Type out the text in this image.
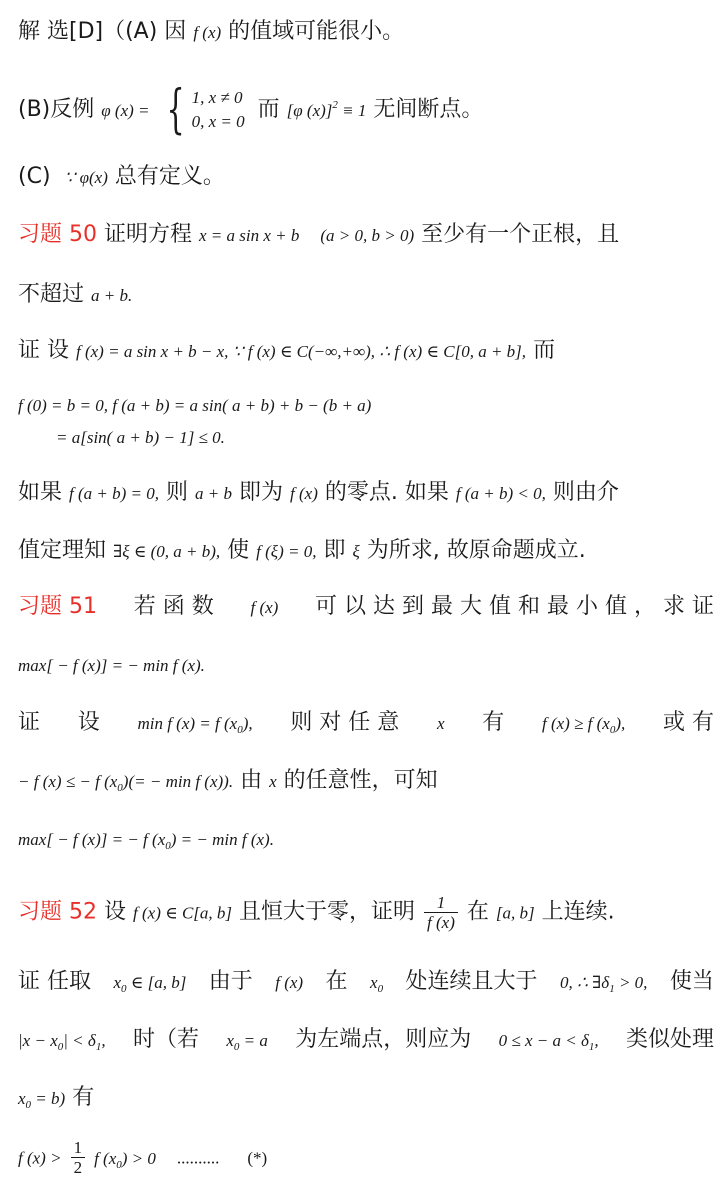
解 选[D]（(A) 因 f (x) 的值域可能很小。
(B)反例 φ (x) = { 1, x ≠ 0
0, x = 0 而 [φ (x)]$^2$ ≡ 1 无间断点。
(C) ∵ φ(x) 总有定义。
习题 50 证明方程 x = a sin x + b (a > 0, b > 0) 至少有一个正根，且
不超过 a + b.
证 设 f (x) = a sin x + b − x, ∵ f (x) ∈ C(−∞,+∞), ∴ f (x) ∈ C[0, a + b], 而
f (0) = b = 0, f (a + b) = a sin( a + b) + b − (b + a)
= a[sin( a + b) − 1] ≤ 0.
如果 f (a + b) = 0, 则 a + b 即为 f (x) 的零点. 如果 f (a + b) < 0, 则由介
值定理知 ∃ξ ∈ (0, a + b), 使 f (ξ) = 0, 即 ξ 为所求, 故原命题成立.
习题 51 若 函 数 f (x) 可 以 达 到 最 大 值 和 最 小 值 ， 求 证
max[ − f (x)] = − min f (x).
证 设 min f (x) = f $(x_0)$, 则 对 任 意 x 有 f (x) ≥ f $(x_0)$, 或 有
− f (x) ≤ − f $(x_0)(= - \min f$ (x)). 由 x 的任意性，可知
max[ − f (x)] = − f $(x_0)$ = − min f (x).
习题 52 设 f (x) ∈ C[a, b] 且恒大于零，证明 $\frac{1}{f (x)}$ 在 [a, b] 上连续.
证 任取 $x_0$ ∈ [a, b] 由于 f (x) 在 $x_0$ 处连续且大于 0, ∴ $\exists\delta_1 > 0$, 使当
$|x - x_0| < \delta_1$, 时（若 $x_0 = a$ 为左端点，则应为 $0 \le x - a < \delta_1$, 类似处理
$x_0 = b$) 有
f $(x) > \frac{1}{2}$ f $(x_0) > 0$ .......... (*)
